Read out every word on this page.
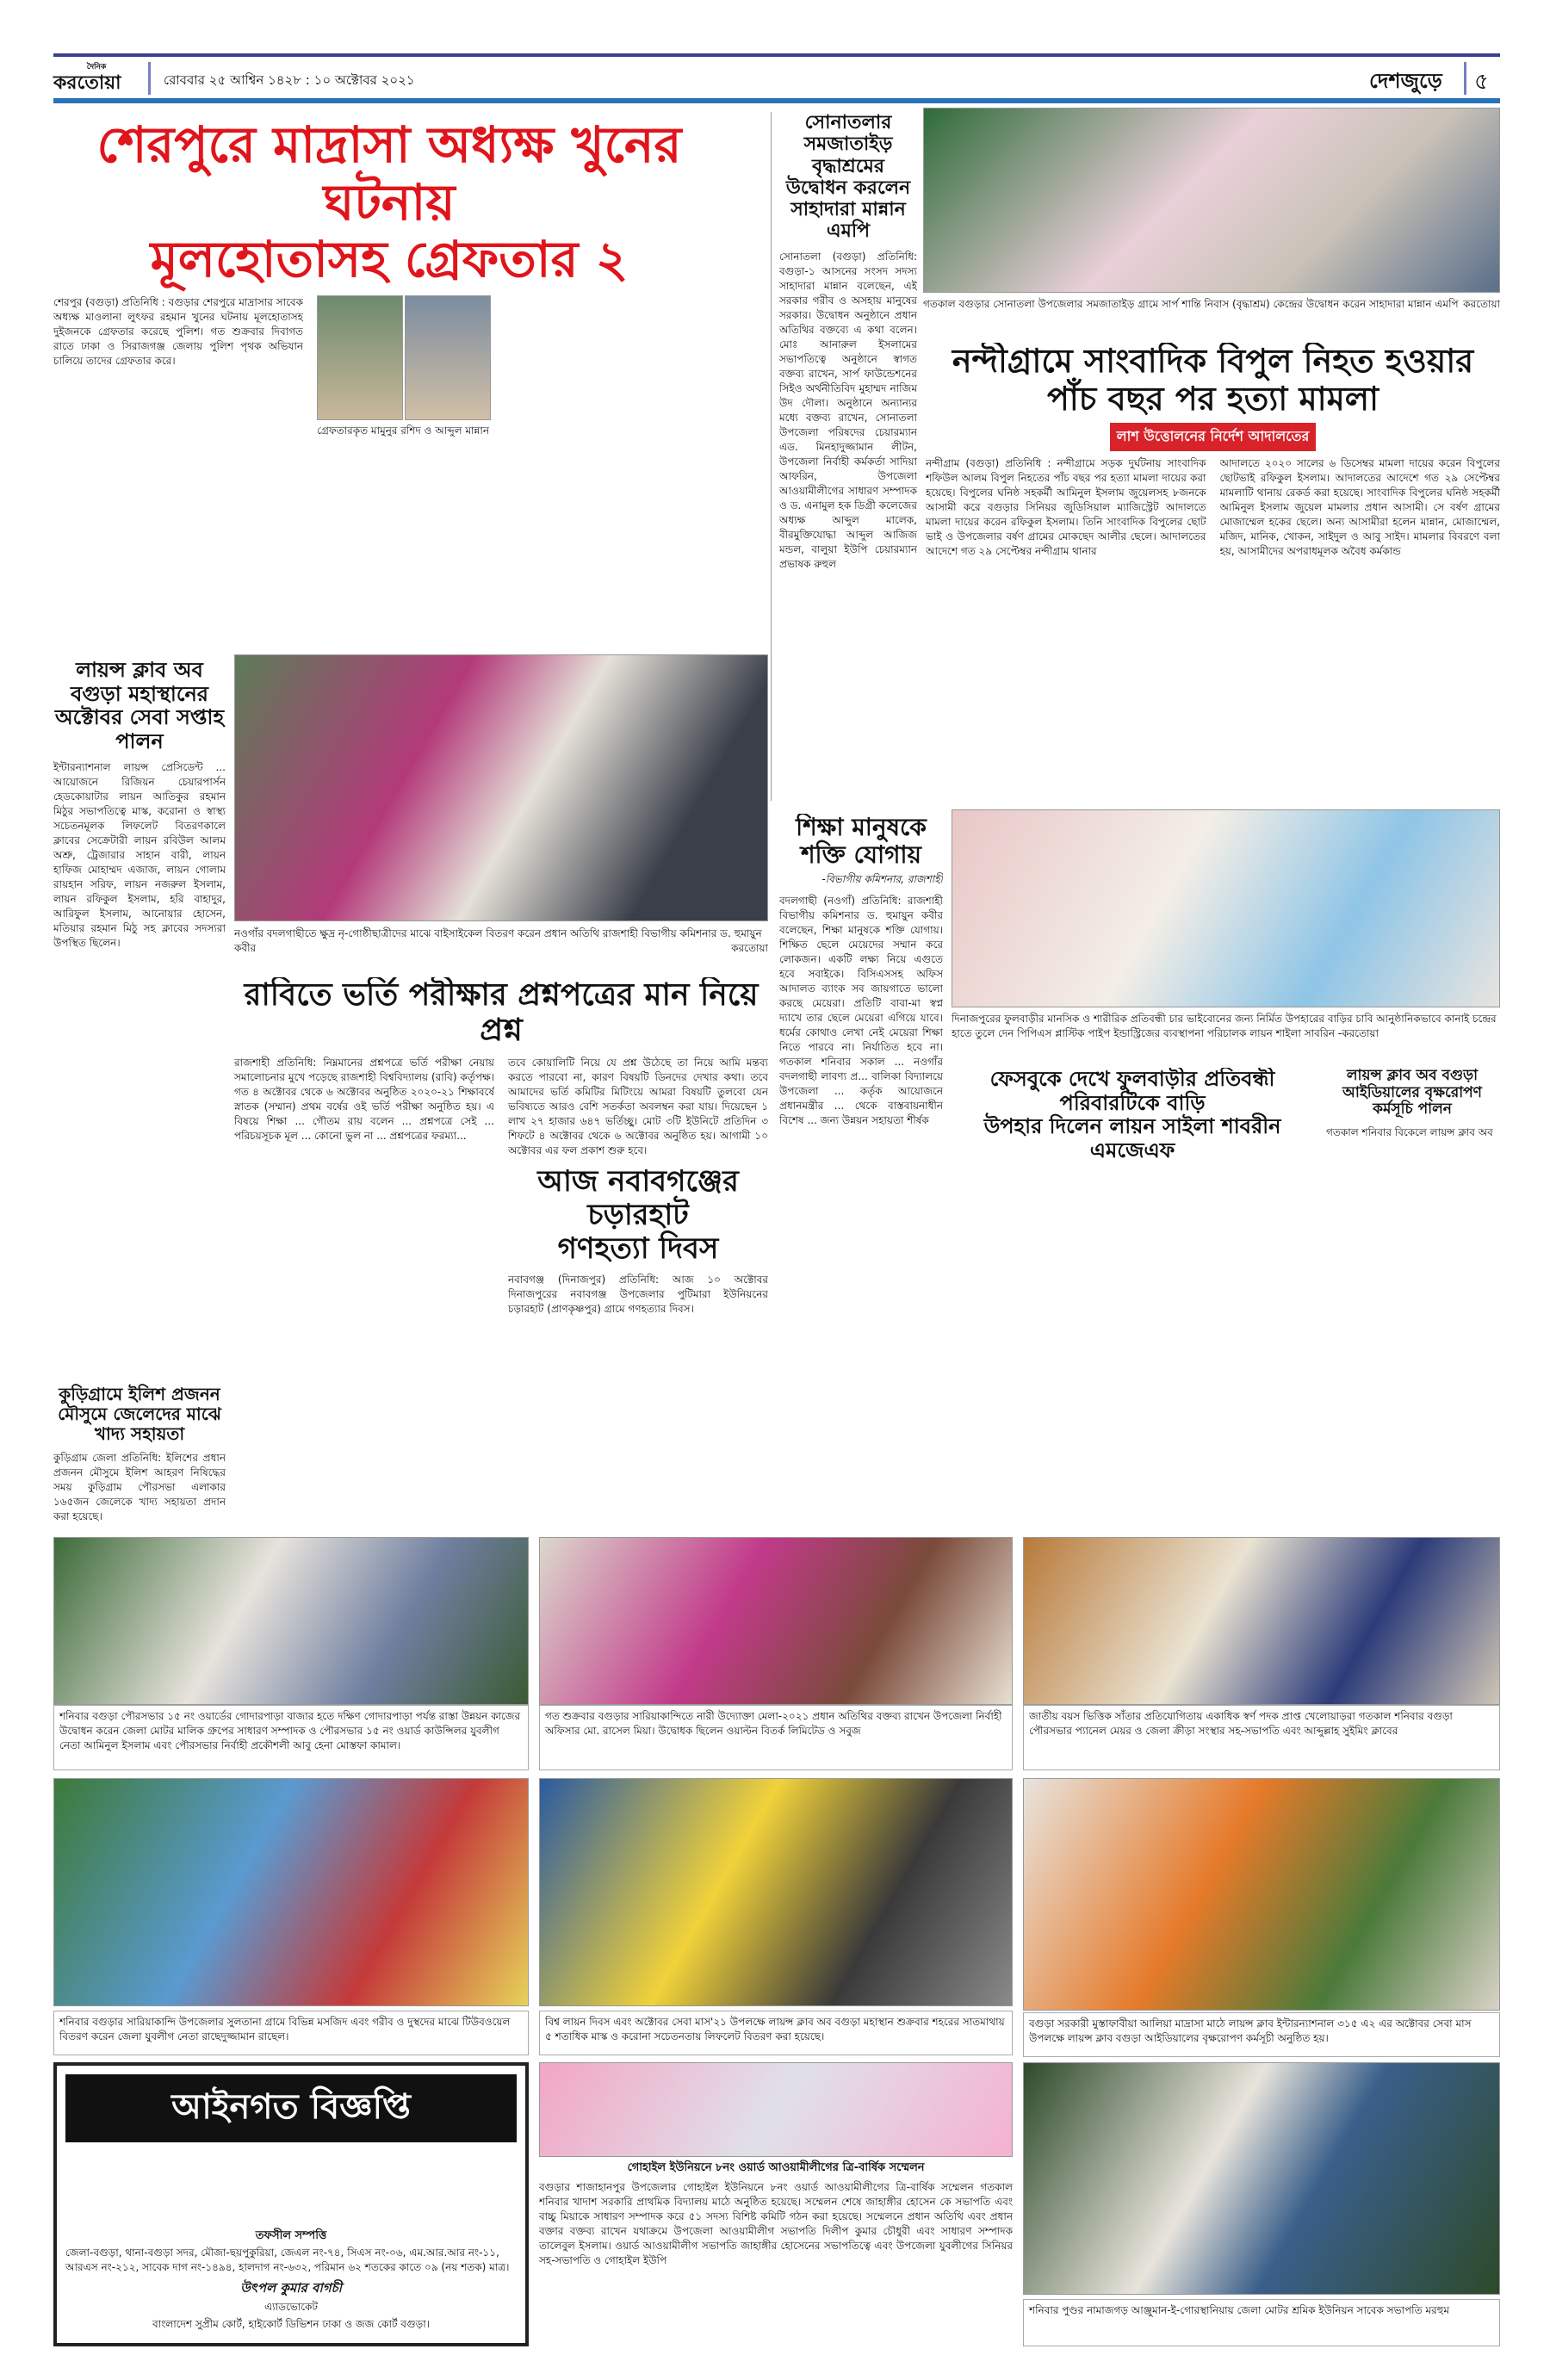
দৈনিক
করতোয়া	রোববার ২৫ আশ্বিন ১৪২৮ : ১০ অক্টোবর ২০২১	দেশজুড়ে ৫
শেরপুরে মাদ্রাসা অধ্যক্ষ খুনের ঘটনায়
মূলহোতাসহ গ্রেফতার ২
শেরপুর (বগুড়া) প্রতিনিধি : বগুড়ার শেরপুরে মাদ্রাসার সাবেক অধ্যক্ষ মাওলানা লুৎফর রহমান খুনের ঘটনায় মূলহোতাসহ দুইজনকে গ্রেফতার করেছে পুলিশ। গত শুক্রবার দিবাগত রাতে ঢাকা ও সিরাজগঞ্জ জেলায় পুলিশ পৃথক অভিযান চালিয়ে তাদের গ্রেফতার করে।
গ্রেফতারকৃত মামুনুর রশিদ ও আব্দুল মান্নান
সোনাতলার সমজাতাইড় বৃদ্ধাশ্রমের উদ্বোধন করলেন সাহাদারা মান্নান এমপি
সোনাতলা (বগুড়া) প্রতিনিধি: বগুড়া-১ আসনের সংসদ সদস্য সাহাদারা মান্নান বলেছেন, এই সরকার গরীব ও অসহায় মানুষের সরকার। উদ্বোধন অনুষ্ঠানে প্রধান অতিথির বক্তব্যে এ কথা বলেন। মোঃ আনারুল ইসলামের সভাপতিত্বে অনুষ্ঠানে স্বাগত বক্তব্য রাখেন, সার্প ফাউন্ডেশনের সিইও অর্থনীতিবিদ মুহাম্মদ নাজিম উদ দৌলা। অনুষ্ঠানে অন্যান্যর মধ্যে বক্তব্য রাখেন, সোনাতলা উপজেলা পরিষদের চেয়ারম্যান এড. মিনহাদুজ্জামান লীটন, উপজেলা নির্বাহী কর্মকর্তা সাদিয়া আফরিন, উপজেলা আওয়ামীলীগের সাধারণ সম্পাদক ও ড. এনামুল হক ডিগ্রী কলেজের অধ্যক্ষ আব্দুল মালেক, বীরমুক্তিযোদ্ধা আব্দুল আজিজ মন্ডল, বালুয়া ইউপি চেয়ারম্যান প্রভাষক রুহুল
গতকাল বগুড়ার সোনাতলা উপজেলার সমজাতাইড় গ্রামে সার্প শান্তি নিবাস (বৃদ্ধাশ্রম) কেন্দ্রের উদ্বোধন করেন সাহাদারা মান্নান এমপি করতোয়া
নন্দীগ্রামে সাংবাদিক বিপুল নিহত হওয়ার
পাঁচ বছর পর হত্যা মামলা
লাশ উত্তোলনের নির্দেশ আদালতের
নন্দীগ্রাম (বগুড়া) প্রতিনিধি : নন্দীগ্রামে সড়ক দুর্ঘটনায় সাংবাদিক শফিউল আলম বিপুল নিহতের পাঁচ বছর পর হত্যা মামলা দায়ের করা হয়েছে। বিপুলের ঘনিষ্ঠ সহকর্মী আমিনুল ইসলাম জুয়েলসহ ৮জনকে আসামী করে বগুড়ার সিনিয়র জুডিসিয়াল ম্যাজিস্ট্রেট আদালতে মামলা দায়ের করেন রফিকুল ইসলাম। তিনি সাংবাদিক বিপুলের ছোট ভাই ও উপজেলার বর্ষণ গ্রামের মোকছেদ আলীর ছেলে। আদালতের আদেশে গত ২৯ সেপ্টেম্বর নন্দীগ্রাম থানার
আদালতে ২০২০ সালের ৬ ডিসেম্বর মামলা দায়ের করেন বিপুলের ছোটভাই রফিকুল ইসলাম। আদালতের আদেশে গত ২৯ সেপ্টেম্বর মামলাটি থানায় রেকর্ড করা হয়েছে। সাংবাদিক বিপুলের ঘনিষ্ঠ সহকর্মী আমিনুল ইসলাম জুয়েল মামলার প্রধান আসামী। সে বর্ষণ গ্রামের মোজাম্মেল হকের ছেলে। অন্য আসামীরা হলেন মান্নান, মোজাম্মেল, মজিদ, মানিক, খোকন, সাইদুল ও আবু সাইদ। মামলার বিবরণে বলা হয়, আসামীদের অপরাধমূলক অবৈধ কর্মকান্ড
লায়ন্স ক্লাব অব বগুড়া মহাস্থানের অক্টোবর সেবা সপ্তাহ পালন
ইন্টারন্যাশনাল লায়ন্স প্রেসিডেন্ট ... আয়োজনে রিজিয়ন চেয়ারপার্সন হেডকোয়াটার লায়ন আতিকুর রহমান মিঠুর সভাপতিত্বে মাস্ক, করোনা ও স্বাস্থ্য সচেতনমূলক লিফলেট বিতরণকালে ক্লাবের সেক্রেটারী লায়ন রবিউল আলম অশ্রু, ট্রেজারার সাহান বারী, লায়ন হাফিজ মোহাম্মদ এজাজ, লায়ন গোলাম রায়হান সরিফ, লায়ন নজরুল ইসলাম, লায়ন রফিকুল ইসলাম, হরি বাহাদুর, আরিফুল ইসলাম, আনোয়ার হোসেন, মতিয়ার রহমান মিঠু সহ ক্লাবের সদস্যরা উপস্থিত ছিলেন।
কুড়িগ্রামে ইলিশ প্রজনন মৌসুমে জেলেদের মাঝে খাদ্য সহায়তা
কুড়িগ্রাম জেলা প্রতিনিধি: ইলিশের প্রধান প্রজনন মৌসুমে ইলিশ আহরণ নিষিদ্ধের সময় কুড়িগ্রাম পৌরসভা এলাকার ১৬৫জন জেলেকে খাদ্য সহায়তা প্রদান করা হয়েছে।
নওগাঁর বদলগাছীতে ক্ষুদ্র নৃ-গোষ্ঠীছাত্রীদের মাঝে বাইসাইকেল বিতরণ করেন প্রধান অতিথি রাজশাহী বিভাগীয় কমিশনার ড. হুমায়ুন কবীর	করতোয়া
রাবিতে ভর্তি পরীক্ষার প্রশ্নপত্রের মান নিয়ে প্রশ্ন
রাজশাহী প্রতিনিধি: নিম্নমানের প্রশ্নপত্রে ভর্তি পরীক্ষা নেয়ায় সমালোচনার মুখে পড়েছে রাজশাহী বিশ্ববিদ্যালয় (রাবি) কর্তৃপক্ষ। গত ৪ অক্টোবর থেকে ৬ অক্টোবর অনুষ্ঠিত ২০২০-২১ শিক্ষাবর্ষে স্নাতক (সম্মান) প্রথম বর্ষের ওই ভর্তি পরীক্ষা অনুষ্ঠিত হয়। এ বিষয়ে শিক্ষা ... গৌতম রায় বলেন ... প্রশ্নপত্রে সেই ... পরিচয়সূচক মূল ... কোনো ভুল না ... প্রশ্নপত্রের ফরম্যা...
তবে কোয়ালিটি নিয়ে যে প্রশ্ন উঠেছে তা নিয়ে আমি মন্তব্য করতে পারবো না, কারণ বিষয়টি ডিনদের দেখার কথা। তবে আমাদের ভর্তি কমিটির মিটিংয়ে আমরা বিষয়টি তুলবো যেন ভবিষ্যতে আরও বেশি সতর্কতা অবলম্বন করা যায়। দিয়েছেন ১ লাখ ২৭ হাজার ৬৪৭ ভর্তিচ্ছু। মোট ৩টি ইউনিটে প্রতিদিন ৩ শিফটে ৪ অক্টোবর থেকে ৬ অক্টোবর অনুষ্ঠিত হয়। আগামী ১০ অক্টোবর এর ফল প্রকাশ শুরু হবে।
আজ নবাবগঞ্জের চড়ারহাট
গণহত্যা দিবস
নবাবগঞ্জ (দিনাজপুর) প্রতিনিধি: আজ ১০ অক্টোবর দিনাজপুরের নবাবগঞ্জ উপজেলার পুটিমারা ইউনিয়নের চড়ারহাট (প্রাণকৃষ্ণপুর) গ্রামে গণহত্যার দিবস।
শিক্ষা মানুষকে শক্তি যোগায়
-বিভাগীয় কমিশনার, রাজশাহী
বদলগাছী (নওগাঁ) প্রতিনিধি: রাজশাহী বিভাগীয় কমিশনার ড. হুমায়ুন কবীর বলেছেন, শিক্ষা মানুষকে শক্তি যোগায়। শিক্ষিত ছেলে মেয়েদের সম্মান করে লোকজন। একটি লক্ষ্য নিয়ে এগুতে হবে সবাইকে। বিসিএসসহ অফিস আদালত ব্যাংক সব জায়গাতে ভালো করছে মেয়েরা। প্রতিটি বাবা-মা স্বপ্ন দ্যাখে তার ছেলে মেয়েরা এগিয়ে যাবে। ধর্মের কোথাও লেখা নেই মেয়েরা শিক্ষা নিতে পারবে না। নির্যাতিত হবে না। গতকাল শনিবার সকাল ... নওগাঁর বদলগাছী লাবণ্য প্র... বালিকা বিদ্যালয়ে উপজেলা ... কর্তৃক আয়োজনে প্রধানমন্ত্রীর ... থেকে বাস্তবায়নাধীন বিশেষ ... জন্য উন্নয়ন সহায়তা শীর্ষক
দিনাজপুরের ফুলবাড়ীর মানসিক ও শারীরিক প্রতিবন্ধী চার ভাইবোনের জন্য নির্মিত উপহারের বাড়ির চাবি আনুষ্ঠানিকভাবে কানাই চন্দ্রের হাতে তুলে দেন পিপিএস প্লাস্টিক পাইপ ইন্ডাস্ট্রিজের ব্যবস্থাপনা পরিচালক লায়ন শাইলা সাবরিন -করতোয়া
ফেসবুকে দেখে ফুলবাড়ীর প্রতিবন্ধী পরিবারটিকে বাড়ি
উপহার দিলেন লায়ন সাইলা শাবরীন এমজেএফ
লায়ন্স ক্লাব অব বগুড়া আইডিয়ালের বৃক্ষরোপণ কর্মসূচি পালন
গতকাল শনিবার বিকেলে লায়ন্স ক্লাব অব
শনিবার বগুড়া পৌরসভার ১৫ নং ওয়ার্ডের গোদারপাড়া বাজার হতে দক্ষিণ গোদারপাড়া পর্যন্ত রাস্তা উন্নয়ন কাজের উদ্বোধন করেন জেলা মোটর মালিক গ্রুপের সাধারণ সম্পাদক ও পৌরসভার ১৫ নং ওয়ার্ড কাউন্সিলর যুবলীগ নেতা আমিনুল ইসলাম এবং পৌরসভার নির্বাহী প্রকৌশলী আবু হেনা মোস্তফা কামাল।
গত শুক্রবার বগুড়ার সারিয়াকান্দিতে নারী উদ্যোক্তা মেলা-২০২১ প্রধান অতিথির বক্তব্য রাখেন উপজেলা নির্বাহী অফিসার মো. রাসেল মিয়া। উদ্বোধক ছিলেন ওয়াল্টন বিতর্ক লিমিটেড ও সবুজ
জাতীয় বয়স ভিত্তিক সাঁতার প্রতিযোগিতায় একাধিক স্বর্ণ পদক প্রাপ্ত খেলোয়াড়রা গতকাল শনিবার বগুড়া পৌরসভার প্যানেল মেয়র ও জেলা ক্রীড়া সংস্থার সহ-সভাপতি এবং আব্দুল্লাহ সুইমিং ক্লাবের
শনিবার বগুড়ার সারিয়াকান্দি উপজেলার সুলতানা গ্রামে বিভিন্ন মসজিদ এবং গরীব ও দুস্থদের মাঝে টিউবওয়েল বিতরণ করেন জেলা যুবলীগ নেতা রাছেদুজ্জামান রাছেল।
বিশ্ব লায়ন দিবস এবং অক্টোবর সেবা মাস'২১ উপলক্ষে লায়ন্স ক্লাব অব বগুড়া মহাস্থান শুক্রবার শহরের সাতমাথায় ৫ শতাধিক মাস্ক ও করোনা সচেতনতায় লিফলেট বিতরণ করা হয়েছে।
বগুড়া সরকারী মুস্তাফাবীয়া আলিয়া মাদ্রাসা মাঠে লায়ন্স ক্লাব ইন্টারন্যাশনাল ৩১৫ এ২ এর অক্টোবর সেবা মাস উপলক্ষে লায়ন্স ক্লাব বগুড়া আইডিয়ালের বৃক্ষরোপণ কর্মসূচী অনুষ্ঠিত হয়।
আইনগত বিজ্ঞপ্তি
তফসীল সম্পত্তি
জেলা-বগুড়া, থানা-বগুড়া সদর, মৌজা-ছয়পুকুরিয়া, জেএল নং-৭৪, সিএস নং-০৬, এম.আর.আর নং-১১, আরএস নং-২১২, সাবেক দাগ নং-১৪৯৪, হালদাগ নং-৬৩২, পরিমান ৬২ শতকের কাতে ০৯ (নয় শতক) মাত্র।
উৎপল কুমার বাগচী
এ্যাডভোকেট
বাংলাদেশ সুপ্রীম কোর্ট, হাইকোর্ট ডিভিশন ঢাকা ও জজ কোর্ট বগুড়া।
গোহাইল ইউনিয়নে ৮নং ওয়ার্ড আওয়ামীলীগের ত্রি-বার্ষিক সম্মেলন
বগুড়ার শাজাহানপুর উপজেলার গোহাইল ইউনিয়নে ৮নং ওয়ার্ড আওয়ামীলীগের ত্রি-বার্ষিক সম্মেলন গতকাল শনিবার খাদাশ সরকারি প্রাথমিক বিদ্যালয় মাঠে অনুষ্ঠিত হয়েছে। সম্মেলন শেষে জাহাঙ্গীর হোসেন কে সভাপতি এবং বাচ্চু মিয়াকে সাধারণ সম্পাদক করে ৫১ সদস্য বিশিষ্ট কমিটি গঠন করা হয়েছে। সম্মেলনে প্রধান অতিথি এবং প্রধান বক্তার বক্তব্য রাখেন যথাক্রমে উপজেলা আওয়ামীলীগ সভাপতি দিলীপ কুমার চৌধুরী এবং সাধারণ সম্পাদক তালেবুল ইসলাম। ওয়ার্ড আওয়ামীলীগ সভাপতি জাহাঙ্গীর হোসেনের সভাপতিত্বে এবং উপজেলা যুবলীগের সিনিয়র সহ-সভাপতি ও গোহাইল ইউপি
শনিবার পুণ্ডর নামাজগড় আঞ্জুমান-ই-গোরস্থানিয়ায় জেলা মোটর শ্রমিক ইউনিয়ন সাবেক সভাপতি মরহুম
